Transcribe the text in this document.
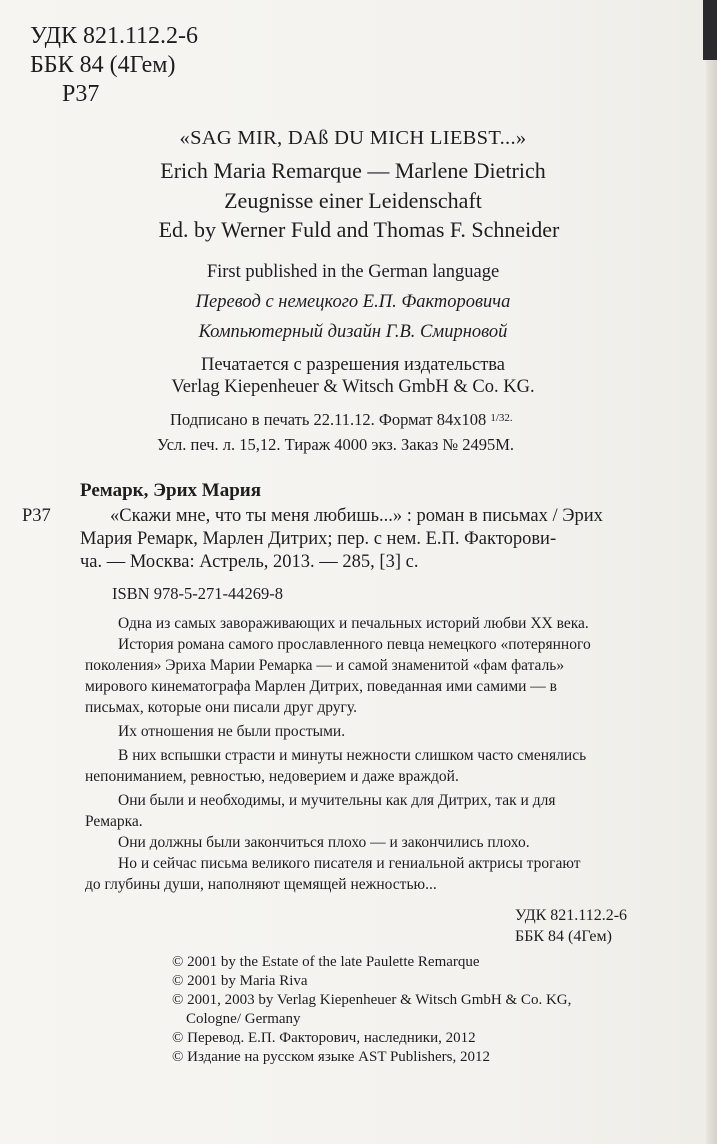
УДК 821.112.2-6
ББК 84 (4Гем)
Р37
«SAG MIR, DAß DU MICH LIEBST...»
Erich Maria Remarque — Marlene Dietrich
Zeugnisse einer Leidenschaft
Ed. by Werner Fuld and Thomas F. Schneider
First published in the German language
Перевод с немецкого Е.П. Факторовича
Компьютерный дизайн Г.В. Смирновой
Печатается с разрешения издательства
Verlag Kiepenheuer & Witsch GmbH & Co. KG.
Подписано в печать 22.11.12. Формат 84x108 $^{1/32.}$
Усл. печ. л. 15,12. Тираж 4000 экз. Заказ № 2495М.
Ремарк, Эрих Мария
Р37	«Скажи мне, что ты меня любишь...» : роман в письмах / Эрих
Мария Ремарк, Марлен Дитрих; пер. с нем. Е.П. Факторови-
ча. — Москва: Астрель, 2013. — 285, [3] с.
ISBN 978-5-271-44269-8
Одна из самых завораживающих и печальных историй любви XX века.
История романа самого прославленного певца немецкого «потерянного
поколения» Эриха Марии Ремарка — и самой знаменитой «фам фаталь»
мирового кинематографа Марлен Дитрих, поведанная ими самими — в
письмах, которые они писали друг другу.
Их отношения не были простыми.
В них вспышки страсти и минуты нежности слишком часто сменялись
непониманием, ревностью, недоверием и даже враждой.
Они были и необходимы, и мучительны как для Дитрих, так и для
Ремарка.
Они должны были закончиться плохо — и закончились плохо.
Но и сейчас письма великого писателя и гениальной актрисы трогают
до глубины души, наполняют щемящей нежностью...
УДК 821.112.2-6
ББК 84 (4Гем)
© 2001 by the Estate of the late Paulette Remarque
© 2001 by Maria Riva
© 2001, 2003 by Verlag Kiepenheuer & Witsch GmbH & Co. KG,
Cologne/ Germany
© Перевод. Е.П. Факторович, наследники, 2012
© Издание на русском языке AST Publishers, 2012
